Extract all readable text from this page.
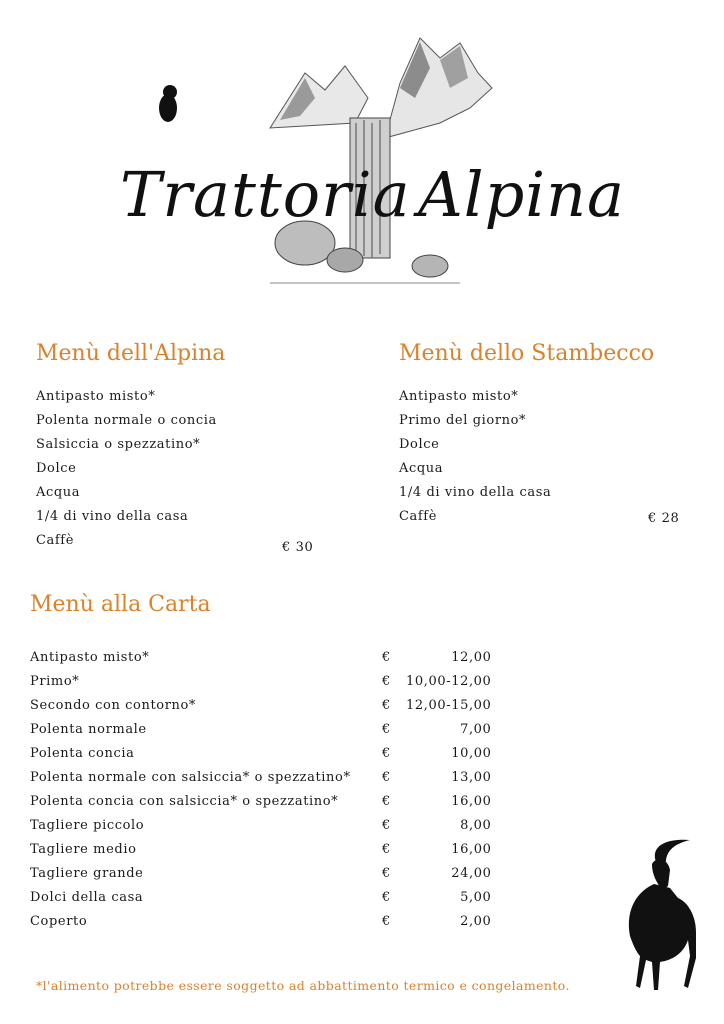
Trattoria Alpina
Menù dell'Alpina
Antipasto misto*
Polenta normale o concia
Salsiccia o spezzatino*
Dolce
Acqua
1/4 di vino della casa
Caffè	€ 30
Menù dello Stambecco
Antipasto misto*
Primo del giorno*
Dolce
Acqua
1/4 di vino della casa
Caffè	€ 28
Menù alla Carta
Antipasto misto*	€	12,00
Primo*	€	10,00-12,00
Secondo con contorno*	€	12,00-15,00
Polenta normale	€	7,00
Polenta concia	€	10,00
Polenta normale con salsiccia* o spezzatino*	€	13,00
Polenta concia con salsiccia* o spezzatino*	€	16,00
Tagliere piccolo	€	8,00
Tagliere medio	€	16,00
Tagliere grande	€	24,00
Dolci della casa	€	5,00
Coperto	€	2,00

*l'alimento potrebbe essere soggetto ad abbattimento termico e congelamento.
